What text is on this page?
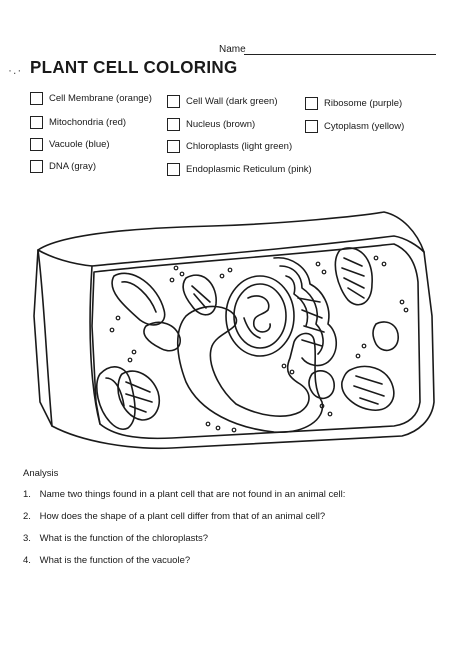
Name
·.· PLANT CELL COLORING
Cell Membrane (orange)
Mitochondria (red)
Vacuole (blue)
DNA (gray)
Cell Wall (dark green)
Nucleus (brown)
Chloroplasts (light green)
Endoplasmic Reticulum (pink)
Ribosome (purple)
Cytoplasm (yellow)
Analysis
1. Name two things found in a plant cell that are not found in an animal cell:
2. How does the shape of a plant cell differ from that of an animal cell?
3. What is the function of the chloroplasts?
4. What is the function of the vacuole?
